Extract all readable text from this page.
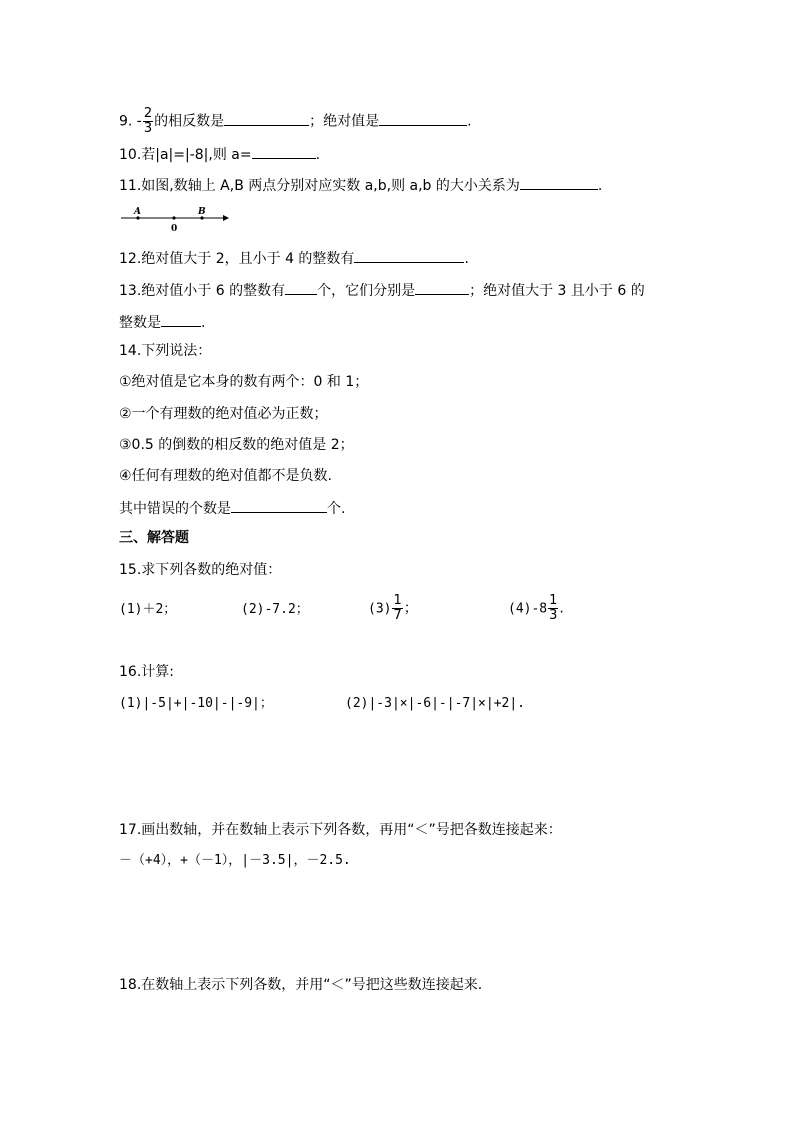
9. - $\frac{2}{3}$ 的相反数是	；绝对值是	.
10.若|a|=|-8|,则 a=	.
11.如图,数轴上 A,B 两点分别对应实数 a,b,则 a,b 的大小关系为	.
A
0
B
12.绝对值大于 2，且小于 4 的整数有	.
13.绝对值小于 6 的整数有 个，它们分别是	；绝对值大于 3 且小于 6 的
整数是	.
14.下列说法：
①绝对值是它本身的数有两个：0 和 1；
②一个有理数的绝对值必为正数；
③0.5 的倒数的相反数的绝对值是 2；
④任何有理数的绝对值都不是负数.
其中错误的个数是	个.
三、解答题
15.求下列各数的绝对值：
(1)＋2；	(2)-7.2；	$(3) \frac{1}{7}$ ；	$(4)-8 \frac{1}{3}$ .
16.计算:
(1)|-5|+|-10|-|-9|；	(2)|-3|×|-6|-|-7|×|+2|.
17.画出数轴，并在数轴上表示下列各数，再用“＜”号把各数连接起来：
－（+4），+（－1），|－3.5|，－2.5.
18.在数轴上表示下列各数，并用“＜”号把这些数连接起来.
